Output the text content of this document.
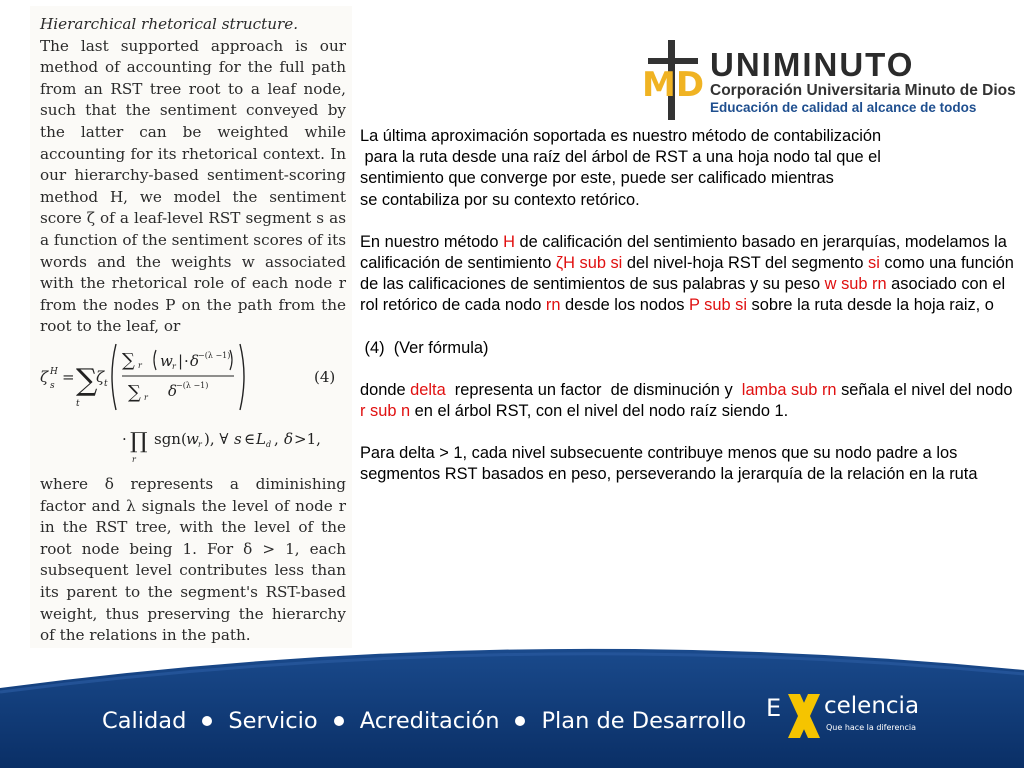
Hierarchical rhetorical structure.
The last supported approach is our method of accounting for the full path from an RST tree root to a leaf node, such that the sentiment conveyed by the latter can be weighted while accounting for its rhetorical context. In our hierarchy-based sentiment-scoring method H, we model the sentiment score ζ of a leaf-level RST segment s as a function of the sentiment scores of its words and the weights w associated with the rhetorical role of each node r from the nodes P on the path from the root to the leaf, or
ζ H
s = ∑
t
ζ t
∑ r w r | · δ
−(λ −1)
∑ r δ
−(λ −1)	(4)
· ∏
r
sgn( w r ), ∀ s ∈ L d , δ >1,
where δ represents a diminishing factor and λ signals the level of node r in the RST tree, with the level of the root node being 1. For δ > 1, each subsequent level contributes less than its parent to the segment's RST-based weight, thus preserving the hierarchy of the relations in the path.
MD
UNIMINUTO
Corporación Universitaria Minuto de Dios
Educación de calidad al alcance de todos
La última aproximación soportada es nuestro método de contabilización
para la ruta desde una raíz del árbol de RST a una hoja nodo tal que el
sentimiento que converge por este, puede ser calificado mientras
se contabiliza por su contexto retórico.
En nuestro método H de calificación del sentimiento basado en jerarquías, modelamos la calificación de sentimiento ζH sub si del nivel-hoja RST del segmento si como una función de las calificaciones de sentimientos de sus palabras y su peso w sub rn asociado con el rol retórico de cada nodo rn desde los nodos P sub si sobre la ruta desde la hoja raiz, o
(4)  (Ver fórmula)
donde delta  representa un factor  de disminución y  lamba sub rn señala el nivel del nodo  r sub n en el árbol RST, con el nivel del nodo raíz siendo 1.
Para delta > 1, cada nivel subsecuente contribuye menos que su nodo padre a los segmentos RST basados en peso, perseverando la jerarquía de la relación en la ruta
Calidad Servicio Acreditación Plan de Desarrollo E celencia
Que hace la diferencia
